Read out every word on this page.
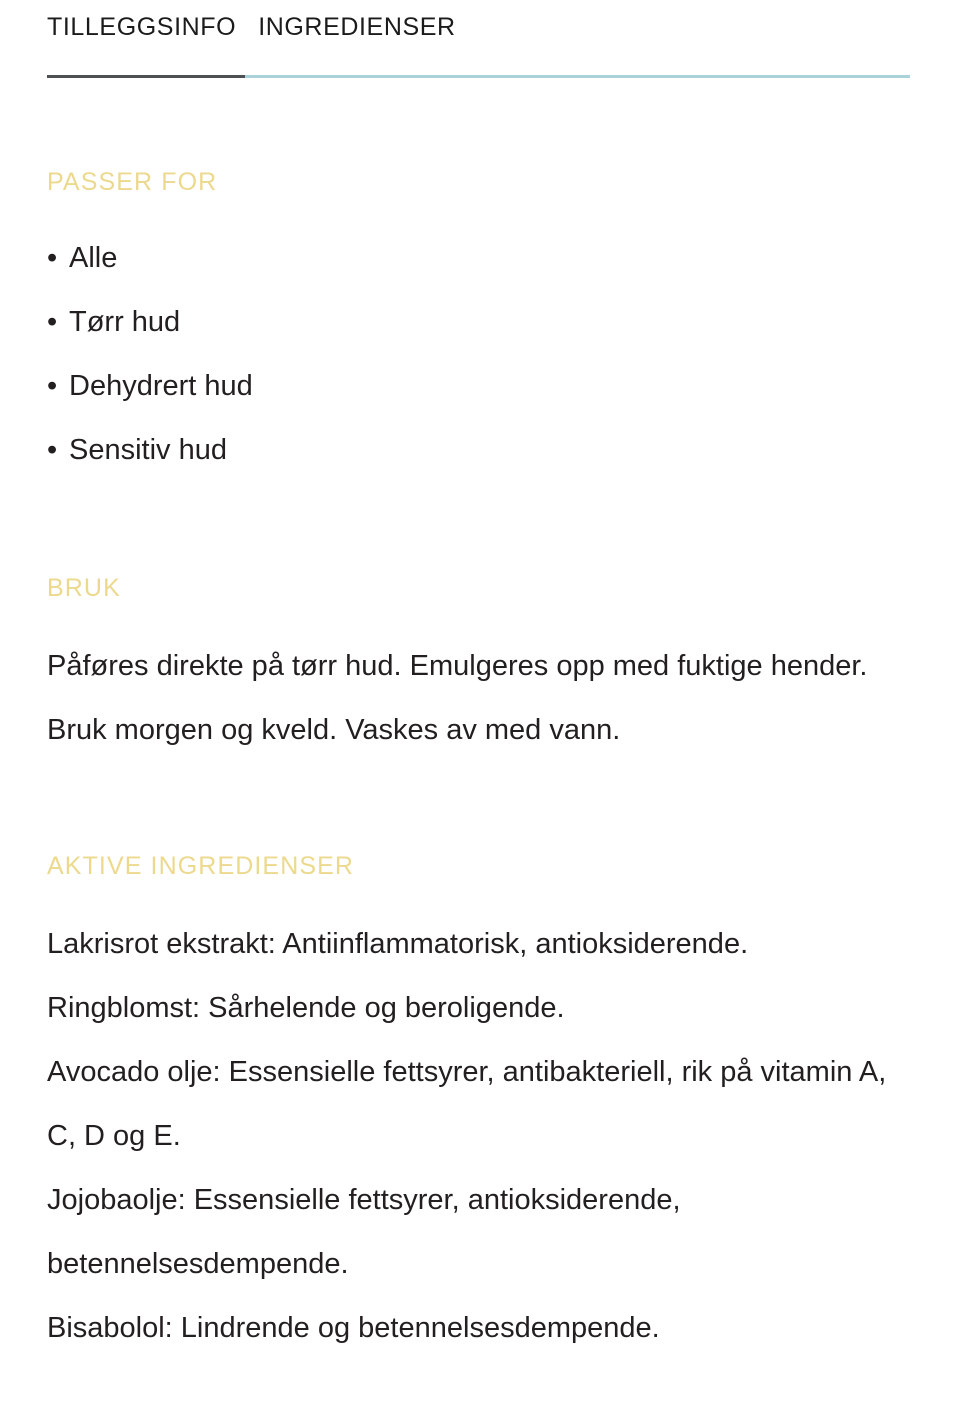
TILLEGGSINFO INGREDIENSER
PASSER FOR
• Alle
• Tørr hud
• Dehydrert hud
• Sensitiv hud
BRUK

Påføres direkte på tørr hud. Emulgeres opp med fuktige hender. Bruk morgen og kveld. Vaskes av med vann.

AKTIVE INGREDIENSER
Lakrisrot ekstrakt: Antiinflammatorisk, antioksiderende.
Ringblomst: Sårhelende og beroligende.
Avocado olje: Essensielle fettsyrer, antibakteriell, rik på vitamin A, C, D og E.
Jojobaolje: Essensielle fettsyrer, antioksiderende, betennelsesdempende.
Bisabolol: Lindrende og betennelsesdempende.
